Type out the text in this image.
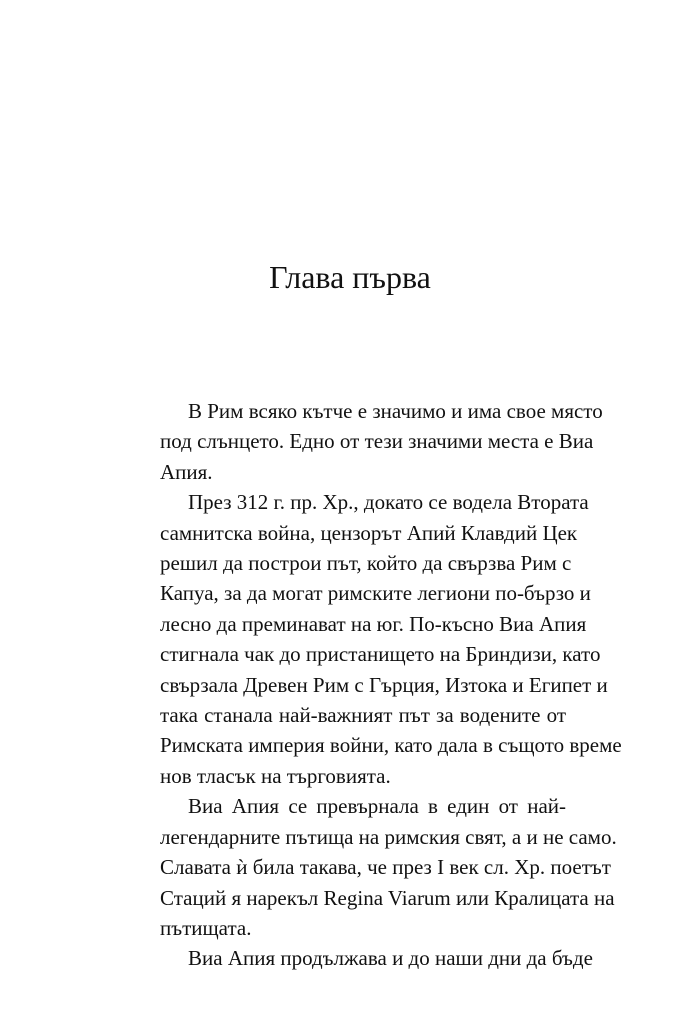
Глава първа

В Рим всяко кътче е значимо и има свое място
под слънцето. Едно от тези значими места е Виа
Апия.

През 312 г. пр. Хр., докато се водела Втората
самнитска война, цензорът Апий Клавдий Цек
решил да построи път, който да свързва Рим с
Капуа, за да могат римските легиони по-бързо и
лесно да преминават на юг. По-късно Виа Апия
стигнала чак до пристанището на Бриндизи, като
свързала Древен Рим с Гърция, Изтока и Египет и
така станала най-важният път за водените от
Римската империя войни, като дала в същото време
нов тласък на търговията.

Виа Апия се превърнала в един от най-
легендарните пътища на римския свят, а и не само.
Славата ѝ била такава, че през I век сл. Хр. поетът
Стаций я нарекъл Regina Viarum или Кралицата на
пътищата.

Виа Апия продължава и до наши дни да бъде
